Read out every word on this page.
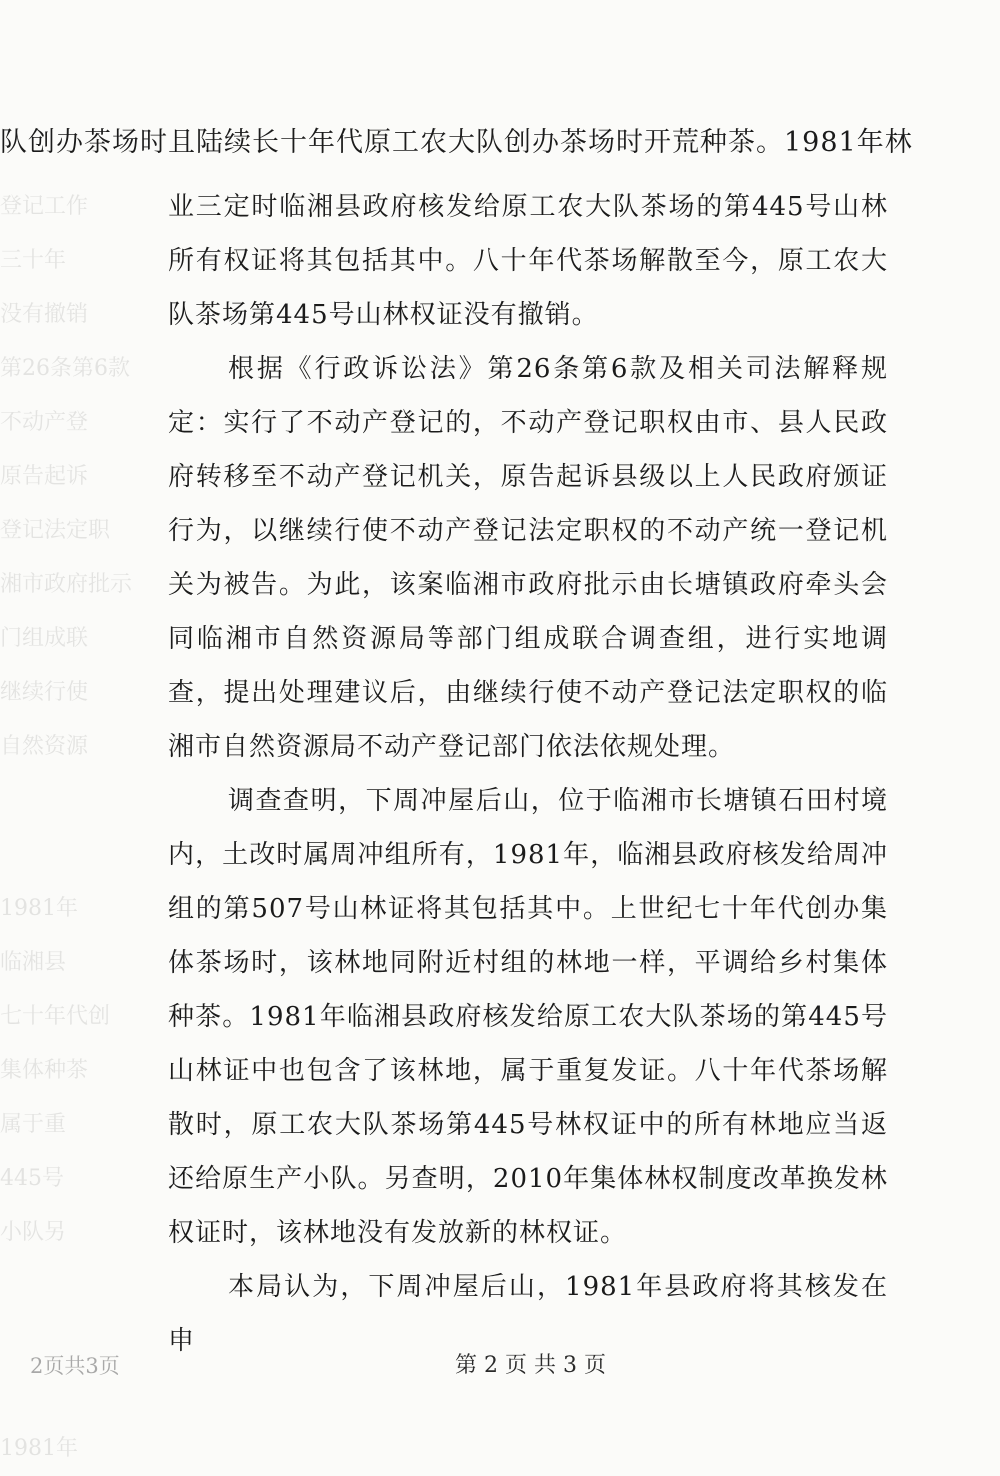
登记工作
三十年
没有撤销
第26条第6款
不动产登
原告起诉
登记法定职
湘市政府批示
门组成联
继续行使
自然资源

1981年
临湘县
七十年代创
集体种茶
属于重
445号
小队另

1981年
队创办茶场时且陆续长十年代原工农大队创办茶场时开荒种茶。1981年林

业三定时临湘县政府核发给原工农大队茶场的第445号山林所有权证将其包括其中。八十年代茶场解散至今，原工农大队茶场第445号山林权证没有撤销。

根据《行政诉讼法》第26条第6款及相关司法解释规定：实行了不动产登记的，不动产登记职权由市、县人民政府转移至不动产登记机关，原告起诉县级以上人民政府颁证行为，以继续行使不动产登记法定职权的不动产统一登记机关为被告。为此，该案临湘市政府批示由长塘镇政府牵头会同临湘市自然资源局等部门组成联合调查组，进行实地调查，提出处理建议后，由继续行使不动产登记法定职权的临湘市自然资源局不动产登记部门依法依规处理。

调查查明，下周冲屋后山，位于临湘市长塘镇石田村境内，土改时属周冲组所有，1981年，临湘县政府核发给周冲组的第507号山林证将其包括其中。上世纪七十年代创办集体茶场时，该林地同附近村组的林地一样，平调给乡村集体种茶。1981年临湘县政府核发给原工农大队茶场的第445号山林证中也包含了该林地，属于重复发证。八十年代茶场解散时，原工农大队茶场第445号林权证中的所有林地应当返还给原生产小队。另查明，2010年集体林权制度改革换发林权证时，该林地没有发放新的林权证。

本局认为，下周冲屋后山，1981年县政府将其核发在申

2页共3页	第 2 页 共 3 页
